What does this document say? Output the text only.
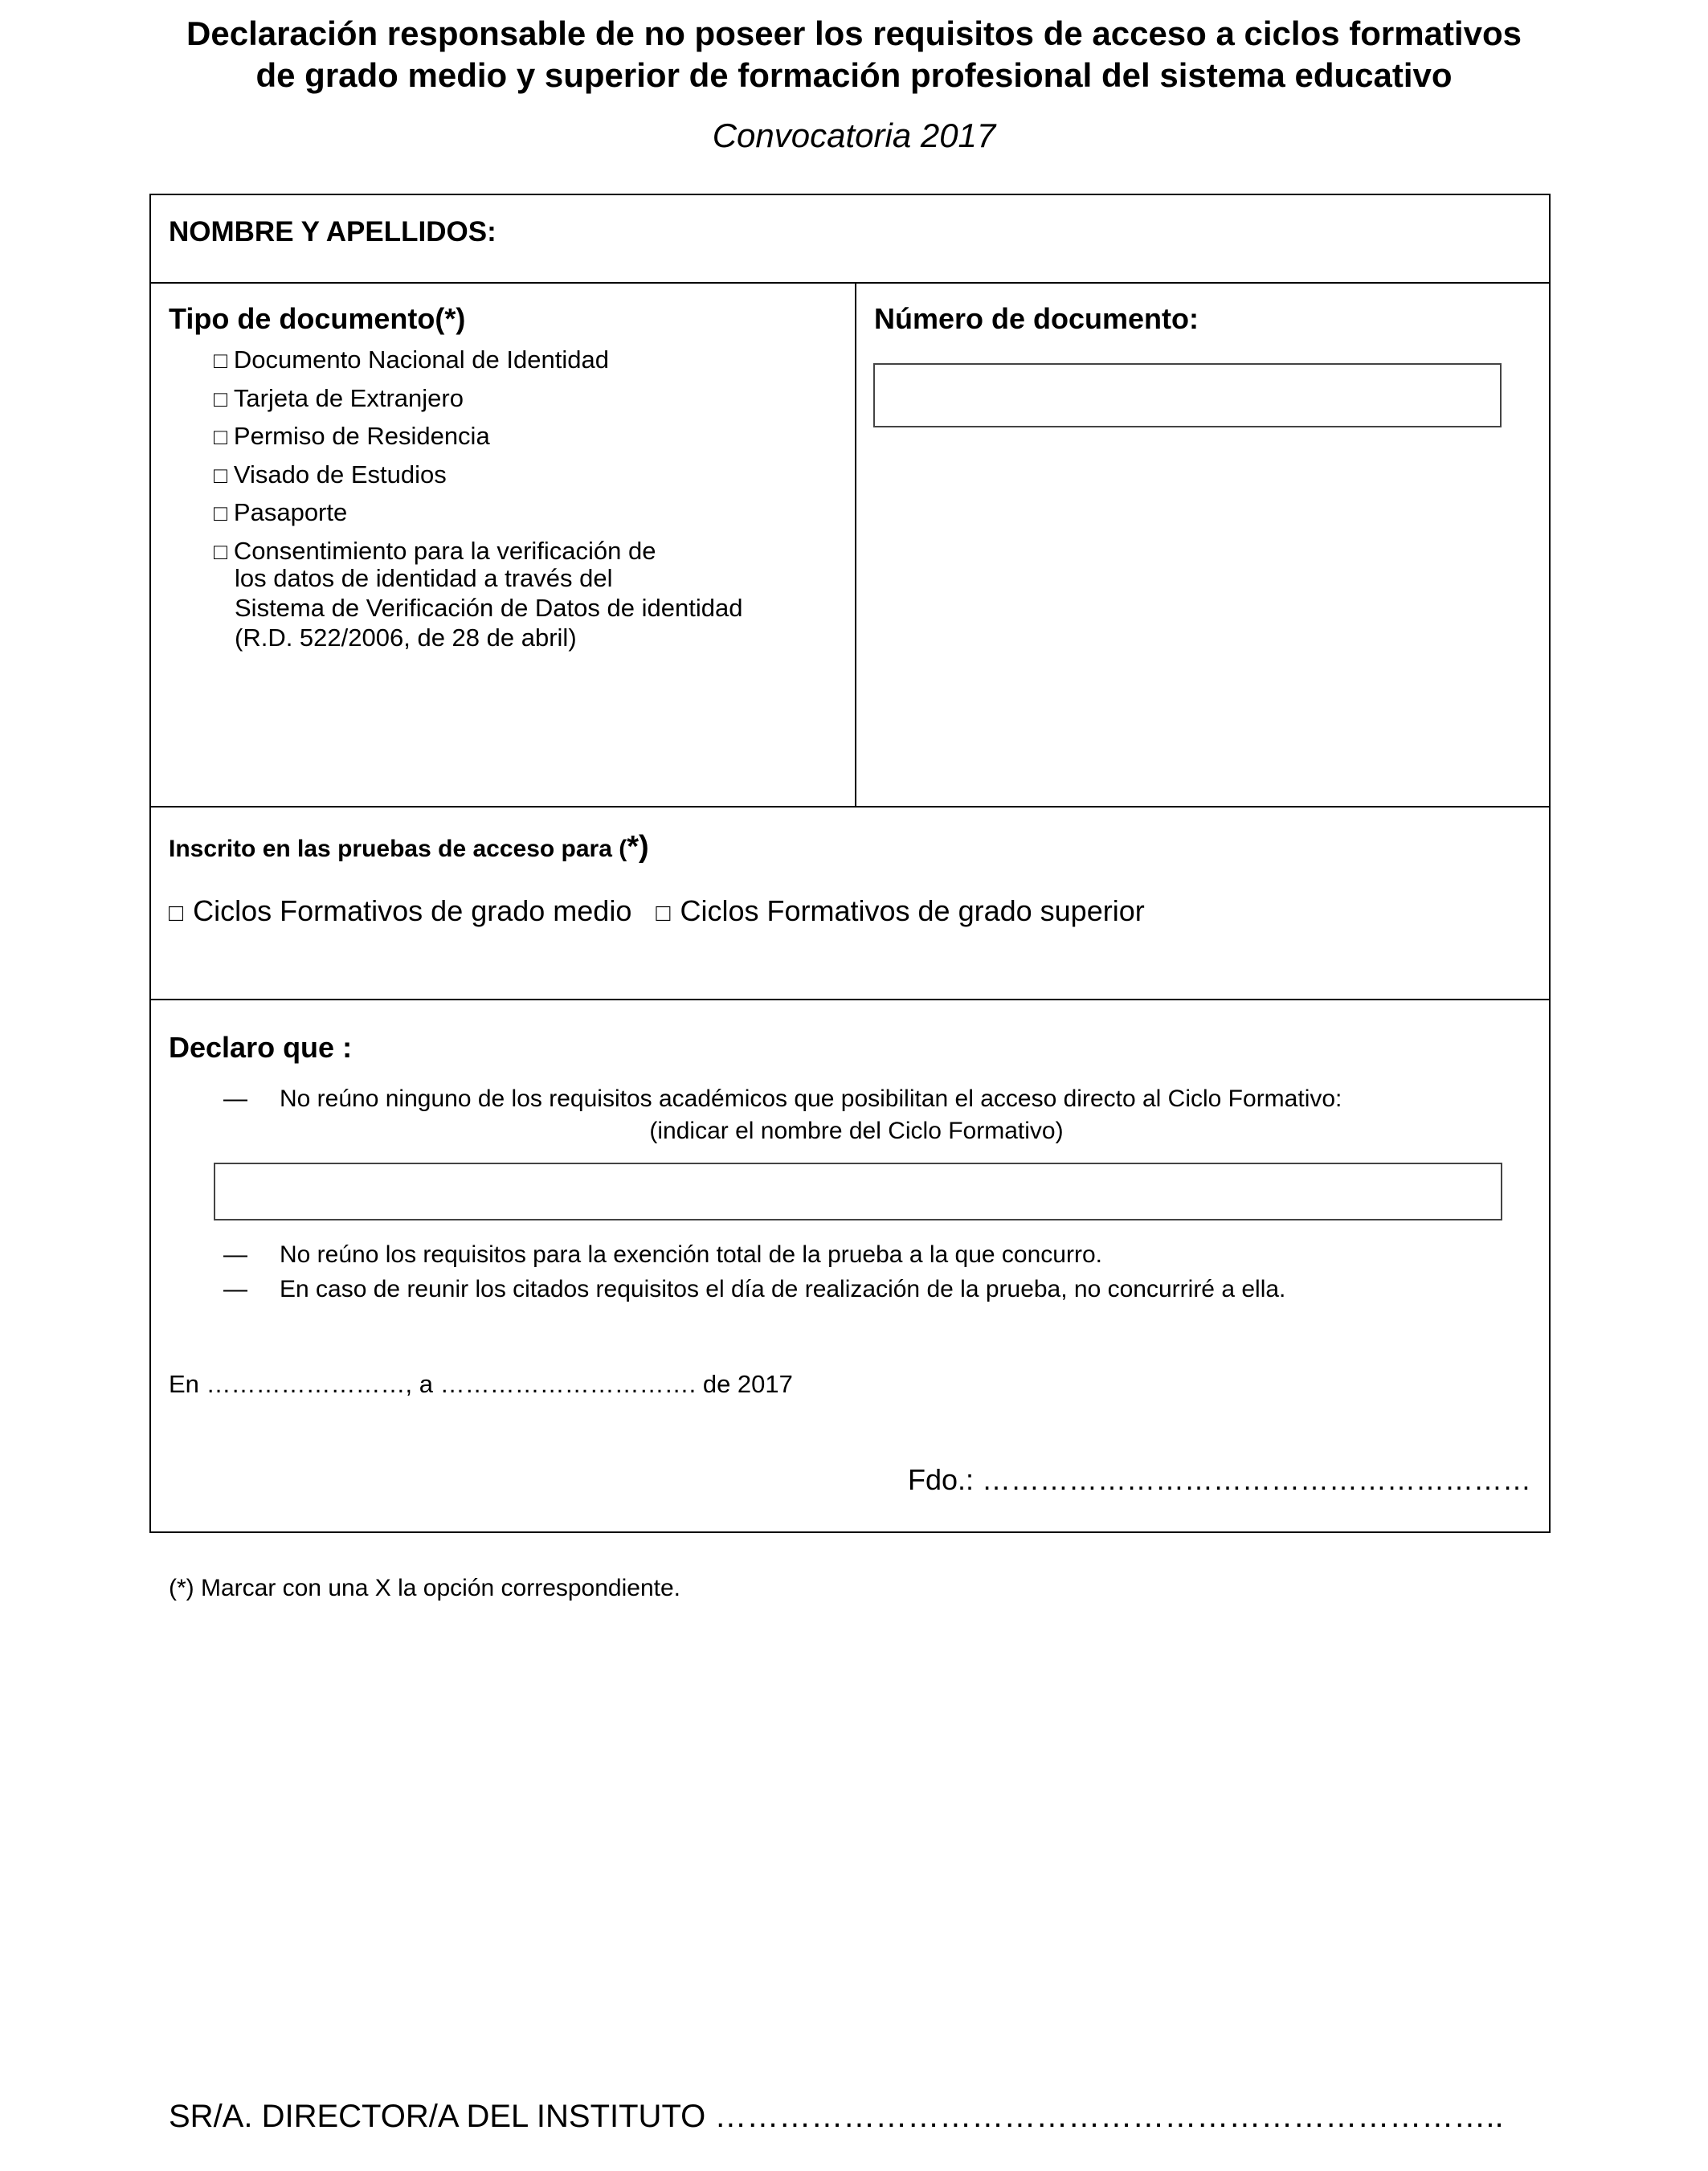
Declaración responsable de no poseer los requisitos de acceso a ciclos formativos
de grado medio y superior de formación profesional del sistema educativo
Convocatoria 2017
NOMBRE Y APELLIDOS:
Tipo de documento(*)
□ Documento Nacional de Identidad
□ Tarjeta de Extranjero
□ Permiso de Residencia
□ Visado de Estudios
□ Pasaporte
□ Consentimiento para la verificación de
los datos de identidad a través del
Sistema de Verificación de Datos de identidad
(R.D. 522/2006, de 28 de abril)
Número de documento:
Inscrito en las pruebas de acceso para (*)
□ Ciclos Formativos de grado medio □ Ciclos Formativos de grado superior
Declaro que :
— No reúno ninguno de los requisitos académicos que posibilitan el acceso directo al Ciclo Formativo:
(indicar el nombre del Ciclo Formativo)
— No reúno los requisitos para la exención total de la prueba a la que concurro.
— En caso de reunir los citados requisitos el día de realización de la prueba, no concurriré a ella.
En ……………………, a …………………………. de 2017
Fdo.: …………………………………………………
(*) Marcar con una X la opción correspondiente.
SR/A. DIRECTOR/A DEL INSTITUTO ………………………………………………………………..
